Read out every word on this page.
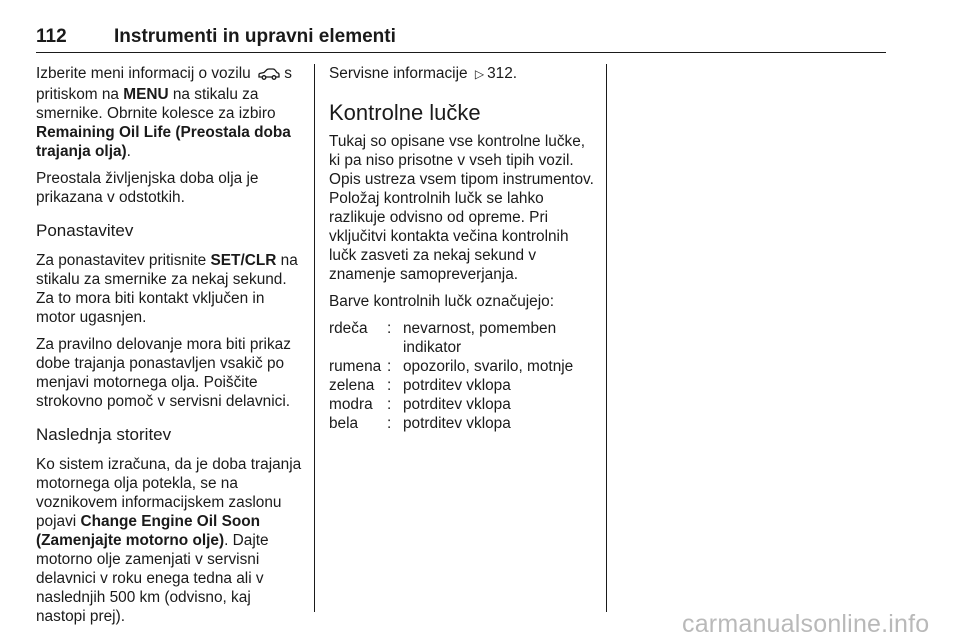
112 Instrumenti in upravni elementi

Izberite meni informacij o vozilu s pritiskom na MENU na stikalu za smernike. Obrnite kolesce za izbiro Remaining Oil Life (Preostala doba trajanja olja).

Preostala življenjska doba olja je prikazana v odstotkih.

Ponastavitev

Za ponastavitev pritisnite SET/CLR na stikalu za smernike za nekaj sekund. Za to mora biti kontakt vključen in motor ugasnjen.

Za pravilno delovanje mora biti prikaz dobe trajanja ponastavljen vsakič po menjavi motornega olja. Poiščite strokovno pomoč v servisni delavnici.

Naslednja storitev

Ko sistem izračuna, da je doba trajanja motornega olja potekla, se na voznikovem informacijskem zaslonu pojavi Change Engine Oil Soon (Zamenjajte motorno olje). Dajte motorno olje zamenjati v servisni delavnici v roku enega tedna ali v naslednjih 500 km (odvisno, kaj nastopi prej).

Servisne informacije ▷ 312.

Kontrolne lučke

Tukaj so opisane vse kontrolne lučke, ki pa niso prisotne v vseh tipih vozil. Opis ustreza vsem tipom instrumentov. Položaj kontrolnih lučk se lahko razlikuje odvisno od opreme. Pri vključitvi kontakta večina kontrolnih lučk zasveti za nekaj sekund v znamenje samopreverjanja.

Barve kontrolnih lučk označujejo:

rdeča	: nevarnost, pomemben indikator
rumena : opozorilo, svarilo, motnje
zelena : potrditev vklopa
modra : potrditev vklopa
bela	: potrditev vklopa
carmanualsonline.info
